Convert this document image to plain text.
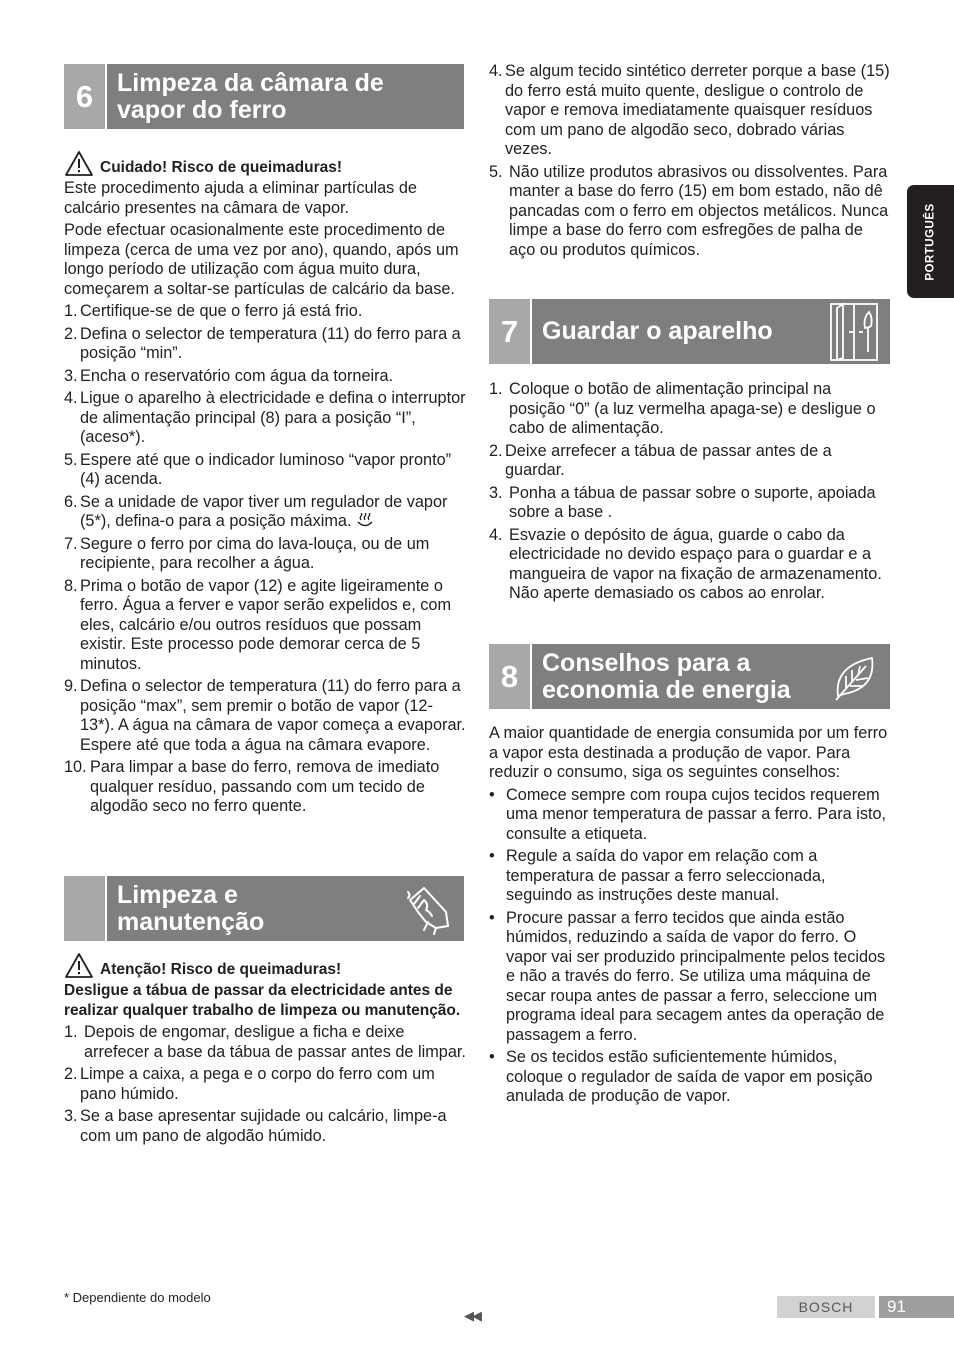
PORTUGUÊS
6 Limpeza da câmara de
vapor do ferro
Cuidado! Risco de queimaduras!

Este procedimento ajuda a eliminar partículas de calcário presentes na câmara de vapor.

Pode efectuar ocasionalmente este procedimento de limpeza (cerca de uma vez por ano), quando, após um longo período de utilização com água muito dura, começarem a soltar-se partículas de calcário da base.

1. Certifique-se de que o ferro já está frio.
2. Defina o selector de temperatura (11) do ferro para a posição “min”.
3. Encha o reservatório com água da torneira.
4. Ligue o aparelho à electricidade e defina o interruptor de alimentação principal (8) para a posição “I”, (aceso*).
5. Espere até que o indicador luminoso “vapor pronto” (4) acenda.
6. Se a unidade de vapor tiver um regulador de vapor (5*), defina-o para a posição máxima.
7. Segure o ferro por cima do lava-louça, ou de um recipiente, para recolher a água.
8. Prima o botão de vapor (12) e agite ligeiramente o ferro. Água a ferver e vapor serão expelidos e, com eles, calcário e/ou outros resíduos que possam existir. Este processo pode demorar cerca de 5 minutos.
9. Defina o selector de temperatura (11) do ferro para a posição “max”, sem premir o botão de vapor (12-13*). A água na câmara de vapor começa a evaporar. Espere até que toda a água na câmara evapore.
10. Para limpar a base do ferro, remova de imediato qualquer resíduo, passando com um tecido de algodão seco no ferro quente.
Limpeza e
manutenção
Atenção! Risco de queimaduras!

Desligue a tábua de passar da electricidade antes de realizar qualquer trabalho de limpeza ou manutenção.

1. Depois de engomar, desligue a ficha e deixe arrefecer a base da tábua de passar antes de limpar.
2. Limpe a caixa, a pega e o corpo do ferro com um pano húmido.
3. Se a base apresentar sujidade ou calcário, limpe-a com um pano de algodão húmido.
4. Se algum tecido sintético derreter porque a base (15) do ferro está muito quente, desligue o controlo de vapor e remova imediatamente quaisquer resíduos com um pano de algodão seco, dobrado várias vezes.
5. Não utilize produtos abrasivos ou dissolventes. Para manter a base do ferro (15) em bom estado, não dê pancadas com o ferro em objectos metálicos. Nunca limpe a base do ferro com esfregões de palha de aço ou produtos químicos.
7 Guardar o aparelho
1. Coloque o botão de alimentação principal na posição “0” (a luz vermelha apaga-se) e desligue o cabo de alimentação.
2. Deixe arrefecer a tábua de passar antes de a guardar.
3. Ponha a tábua de passar sobre o suporte, apoiada sobre a base .
4. Esvazie o depósito de água, guarde o cabo da electricidade no devido espaço para o guardar e a mangueira de vapor na fixação de armazenamento. Não aperte demasiado os cabos ao enrolar.
8 Conselhos para a
economia de energia

A maior quantidade de energia consumida por um ferro a vapor esta destinada a produção de vapor. Para reduzir o consumo, siga os seguintes conselhos:

• Comece sempre com roupa cujos tecidos requerem uma menor temperatura de passar a ferro. Para isto, consulte a etiqueta.
• Regule a saída do vapor em relação com a temperatura de passar a ferro seleccionada, seguindo as instruções deste manual.
• Procure passar a ferro tecidos que ainda estão húmidos, reduzindo a saída de vapor do ferro. O vapor vai ser produzido principalmente pelos tecidos e não a través do ferro. Se utiliza uma máquina de secar roupa antes de passar a ferro, seleccione um programa ideal para secagem antes da operação de passagem a ferro.
• Se os tecidos estão suficientemente húmidos, coloque o regulador de saída de vapor em posição anulada de produção de vapor.
* Dependiente do modelo
◀◀
BOSCH	91
